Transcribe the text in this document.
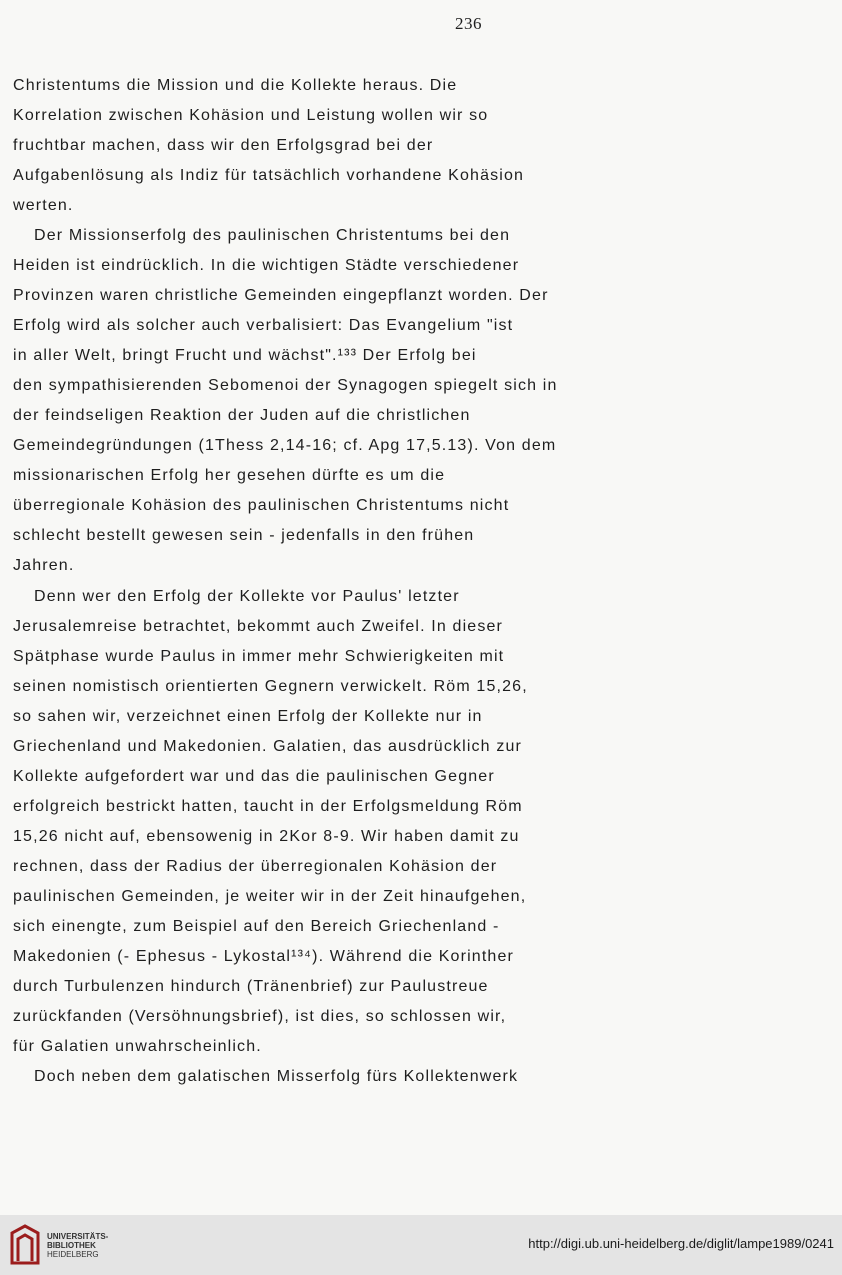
236
Christentums die Mission und die Kollekte heraus. Die
Korrelation zwischen Kohäsion und Leistung wollen wir so
fruchtbar machen, dass wir den Erfolgsgrad bei der
Aufgabenlösung als Indiz für tatsächlich vorhandene Kohäsion
werten.
Der Missionserfolg des paulinischen Christentums bei den
Heiden ist eindrücklich. In die wichtigen Städte verschiedener
Provinzen waren christliche Gemeinden eingepflanzt worden. Der
Erfolg wird als solcher auch verbalisiert: Das Evangelium "ist
in aller Welt, bringt Frucht und wächst".¹³³ Der Erfolg bei
den sympathisierenden Sebomenoi der Synagogen spiegelt sich in
der feindseligen Reaktion der Juden auf die christlichen
Gemeindegründungen (1Thess 2,14-16; cf. Apg 17,5.13). Von dem
missionarischen Erfolg her gesehen dürfte es um die
überregionale Kohäsion des paulinischen Christentums nicht
schlecht bestellt gewesen sein - jedenfalls in den frühen
Jahren.
Denn wer den Erfolg der Kollekte vor Paulus' letzter
Jerusalemreise betrachtet, bekommt auch Zweifel. In dieser
Spätphase wurde Paulus in immer mehr Schwierigkeiten mit
seinen nomistisch orientierten Gegnern verwickelt. Röm 15,26,
so sahen wir, verzeichnet einen Erfolg der Kollekte nur in
Griechenland und Makedonien. Galatien, das ausdrücklich zur
Kollekte aufgefordert war und das die paulinischen Gegner
erfolgreich bestrickt hatten, taucht in der Erfolgsmeldung Röm
15,26 nicht auf, ebensowenig in 2Kor 8-9. Wir haben damit zu
rechnen, dass der Radius der überregionalen Kohäsion der
paulinischen Gemeinden, je weiter wir in der Zeit hinaufgehen,
sich einengte, zum Beispiel auf den Bereich Griechenland -
Makedonien (- Ephesus - Lykostal¹³⁴). Während die Korinther
durch Turbulenzen hindurch (Tränenbrief) zur Paulustreue
zurückfanden (Versöhnungsbrief), ist dies, so schlossen wir,
für Galatien unwahrscheinlich.
Doch neben dem galatischen Misserfolg fürs Kollektenwerk
UNIVERSITÄTS-
BIBLIOTHEK
HEIDELBERG
http://digi.ub.uni-heidelberg.de/diglit/lampe1989/0241
